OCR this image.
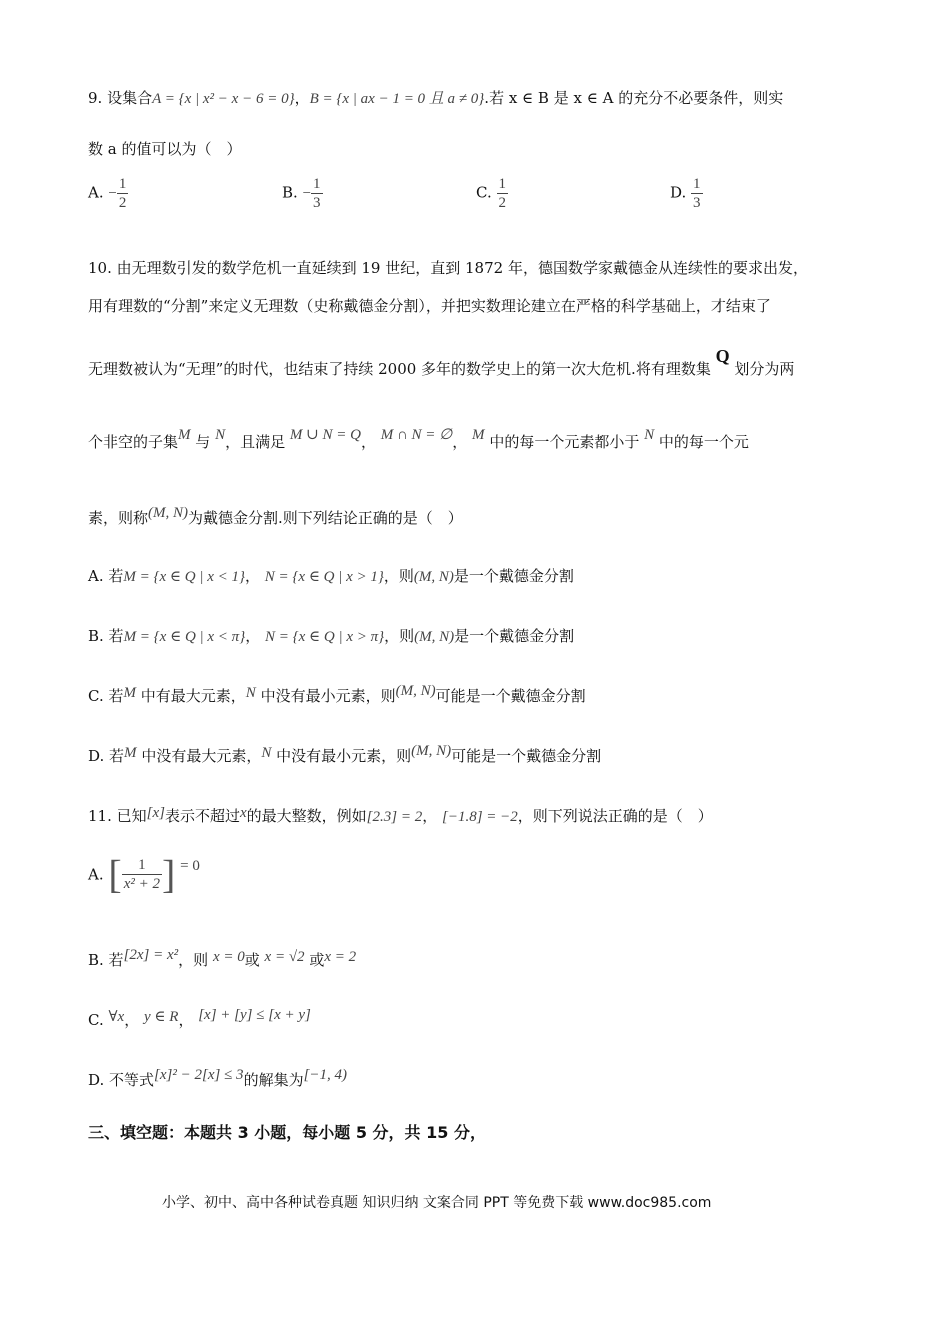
9. 设集合A = {x | x² − x − 6 = 0}，B = {x | ax − 1 = 0 且 a ≠ 0}.若 x ∈ B 是 x ∈ A 的充分不必要条件，则实
数 a 的值可以为（　）
A. − $\frac{1}{2}$	B. − $\frac{1}{3}$	C. $\frac{1}{2}$	D. $\frac{1}{3}$
10. 由无理数引发的数学危机一直延续到 19 世纪，直到 1872 年，德国数学家戴德金从连续性的要求出发，
用有理数的“分割”来定义无理数（史称戴德金分割），并把实数理论建立在严格的科学基础上，才结束了
无理数被认为“无理”的时代，也结束了持续 2000 多年的数学史上的第一次大危机.将有理数集 Q 划分为两
个非空的子集M 与 N，且满足 M ∪ N = Q， M ∩ N = ∅， M 中的每一个元素都小于 N 中的每一个元
素，则称(M, N)为戴德金分割.则下列结论正确的是（　）
A. 若M = {x ∈ Q | x < 1}， N = {x ∈ Q | x > 1}，则(M, N)是一个戴德金分割
B. 若M = {x ∈ Q | x < π}， N = {x ∈ Q | x > π}，则(M, N)是一个戴德金分割
C. 若M 中有最大元素，N 中没有最小元素，则(M, N)可能是一个戴德金分割
D. 若M 中没有最大元素，N 中没有最小元素，则(M, N)可能是一个戴德金分割
11. 已知[x]表示不超过x的最大整数，例如[2.3] = 2， [−1.8] = −2，则下列说法正确的是（　）
A. [ $\frac{1}{\text{x² + 2}}$ ] = 0
B. 若[2x] = x²，则 x = 0或 x = √2 或x = 2
C. ∀x， y ∈ R， [x] + [y] ≤ [x + y]
D. 不等式[x]² − 2[x] ≤ 3的解集为[−1, 4)
三、填空题：本题共 3 小题，每小题 5 分，共 15 分，
小学、初中、高中各种试卷真题 知识归纳 文案合同 PPT 等免费下载 www.doc985.com
